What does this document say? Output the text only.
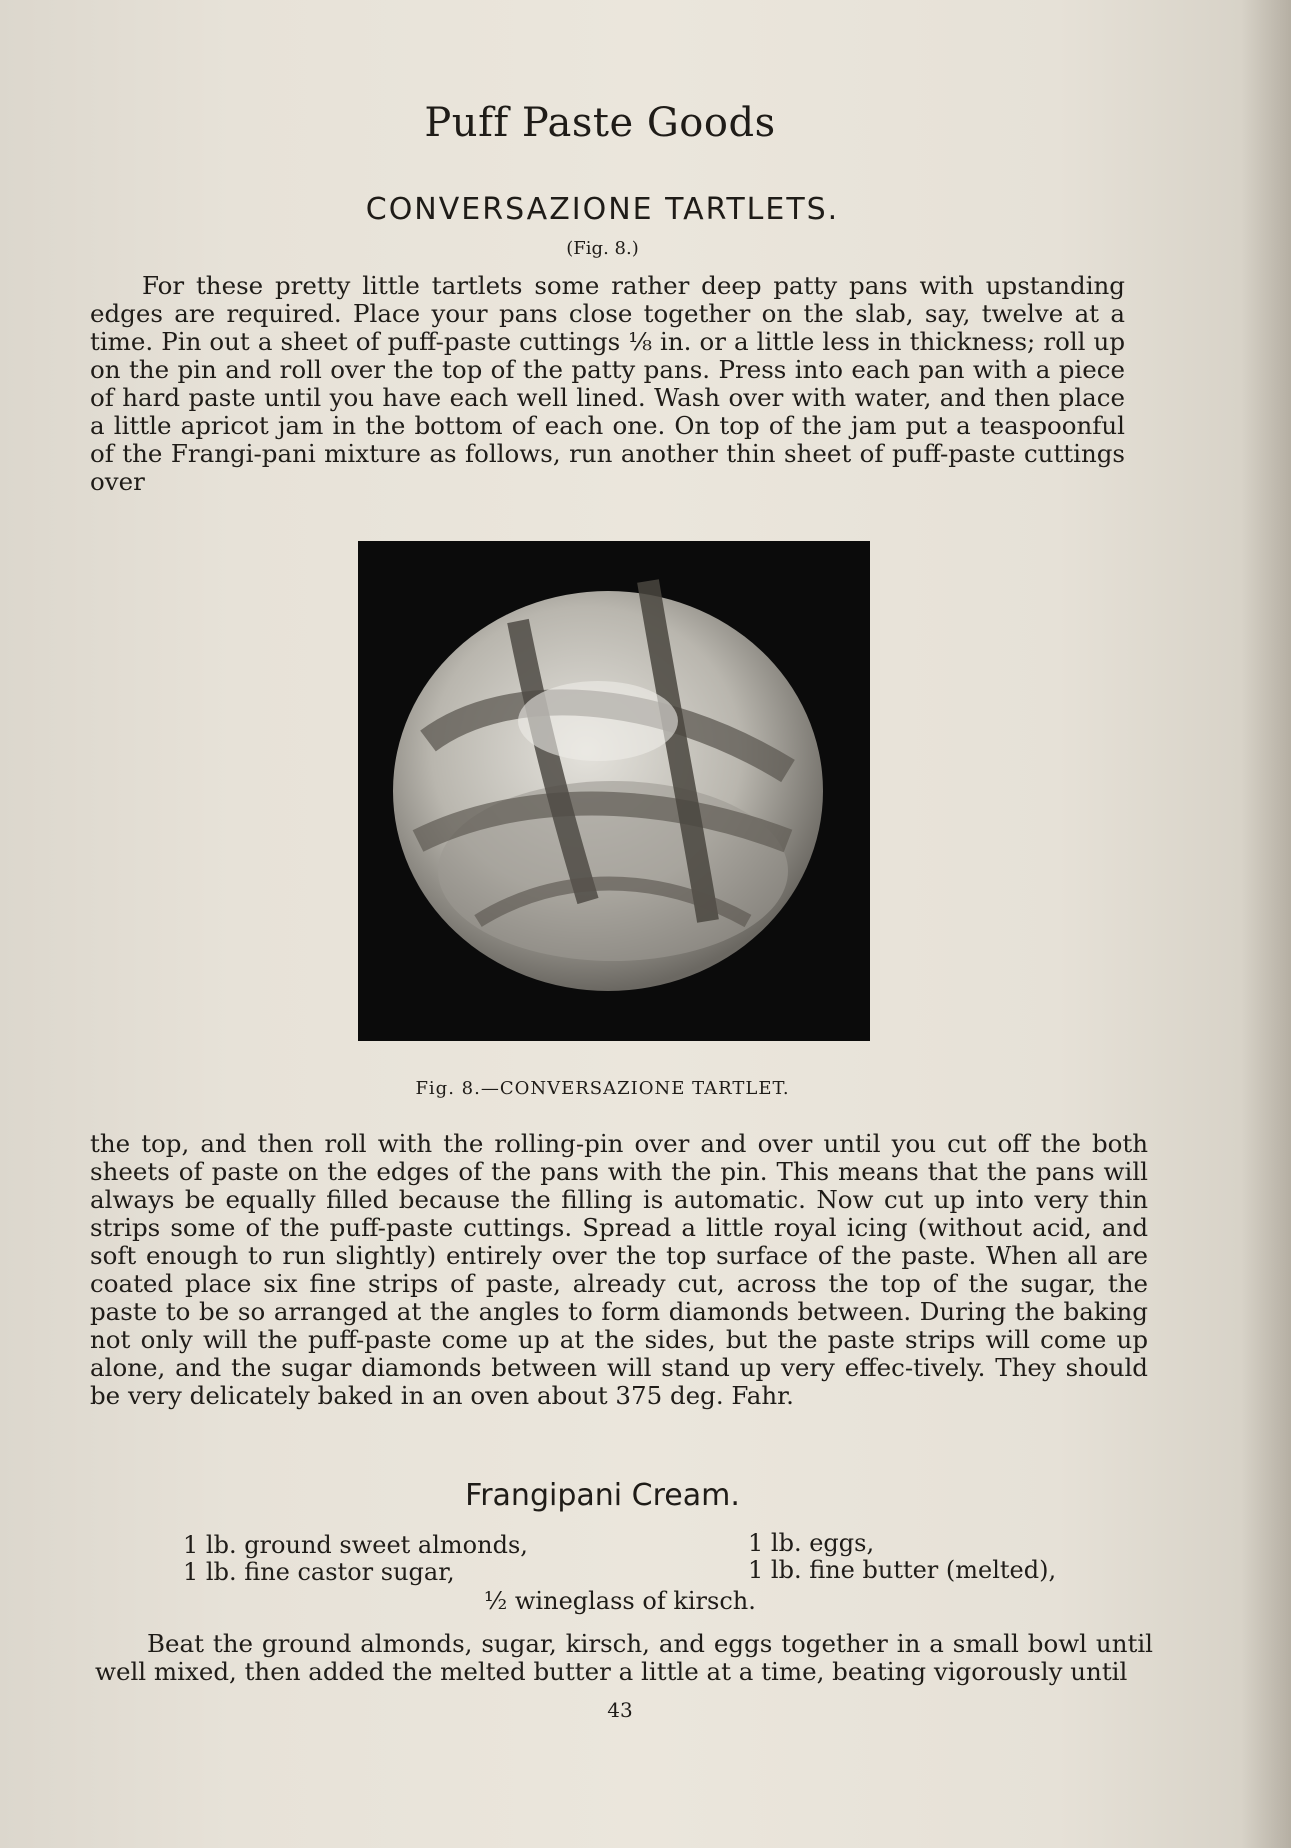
Puff Paste Goods
CONVERSAZIONE TARTLETS.
(Fig. 8.)

For these pretty little tartlets some rather deep patty pans with upstanding edges are required. Place your pans close together on the slab, say, twelve at a time. Pin out a sheet of puff-paste cuttings ⅛ in. or a little less in thickness; roll up on the pin and roll over the top of the patty pans. Press into each pan with a piece of hard paste until you have each well lined. Wash over with water, and then place a little apricot jam in the bottom of each one. On top of the jam put a teaspoonful of the Frangi-pani mixture as follows, run another thin sheet of puff-paste cuttings over

Fig. 8.—CONVERSAZIONE TARTLET.

the top, and then roll with the rolling-pin over and over until you cut off the both sheets of paste on the edges of the pans with the pin. This means that the pans will always be equally filled because the filling is automatic. Now cut up into very thin strips some of the puff-paste cuttings. Spread a little royal icing (without acid, and soft enough to run slightly) entirely over the top surface of the paste. When all are coated place six fine strips of paste, already cut, across the top of the sugar, the paste to be so arranged at the angles to form diamonds between. During the baking not only will the puff-paste come up at the sides, but the paste strips will come up alone, and the sugar diamonds between will stand up very effec-tively. They should be very delicately baked in an oven about 375 deg. Fahr.

Frangipani Cream.
1 lb. ground sweet almonds,
1 lb. fine castor sugar,
1 lb. eggs,
1 lb. fine butter (melted),
½ wineglass of kirsch.

Beat the ground almonds, sugar, kirsch, and eggs together in a small bowl until well mixed, then added the melted butter a little at a time, beating vigorously until

43
